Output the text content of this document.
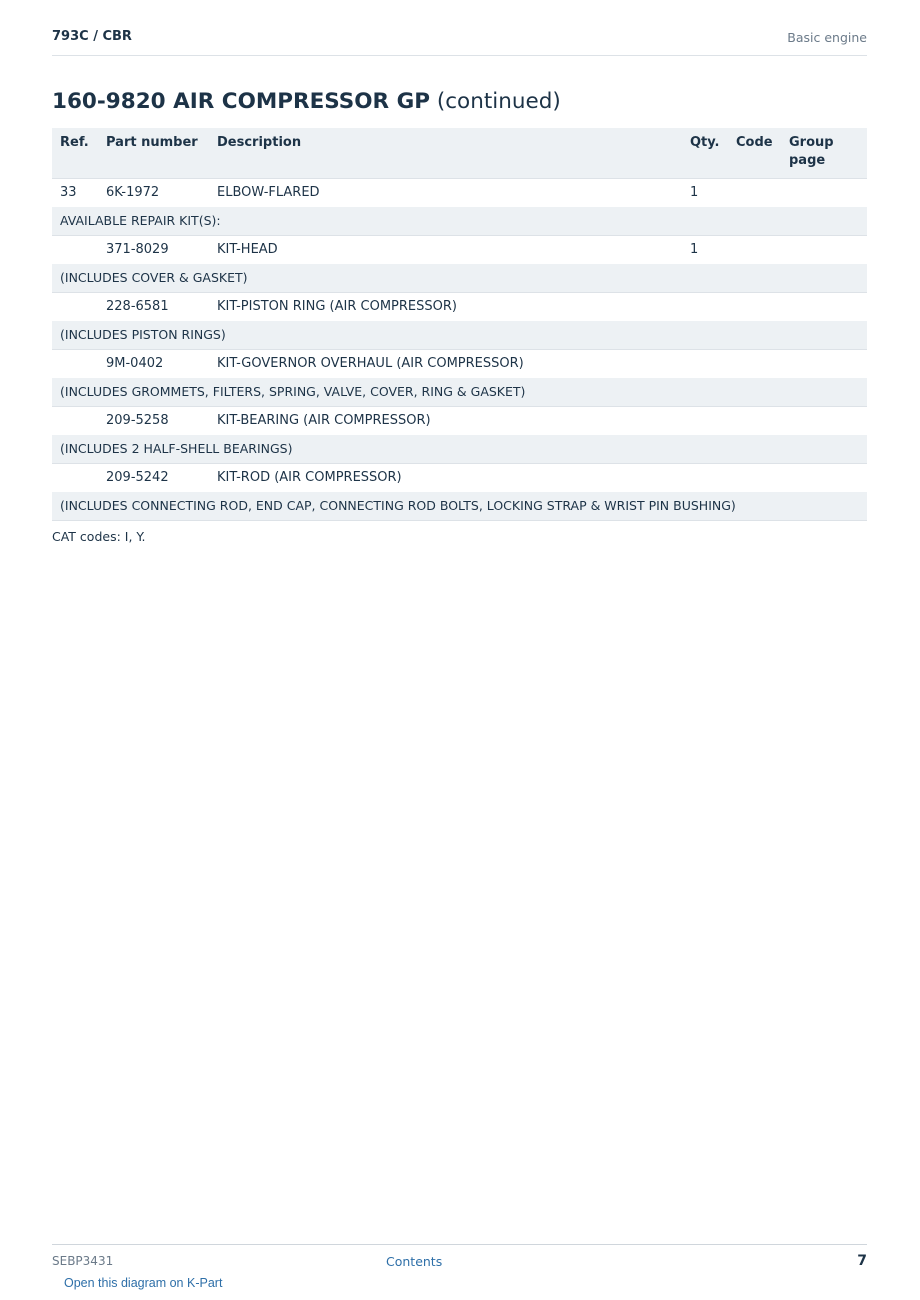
793C / CBR	Basic engine
160-9820 AIR COMPRESSOR GP (continued)
Ref.	Part number	Description	Qty.	Code	Group page
33	6K-1972	ELBOW-FLARED	1		
AVAILABLE REPAIR KIT(S):					
	371-8029	KIT-HEAD	1		
(INCLUDES COVER & GASKET)					
	228-6581	KIT-PISTON RING (AIR COMPRESSOR)			
(INCLUDES PISTON RINGS)					
	9M-0402	KIT-GOVERNOR OVERHAUL (AIR COMPRESSOR)			
(INCLUDES GROMMETS, FILTERS, SPRING, VALVE, COVER, RING & GASKET)					
	209-5258	KIT-BEARING (AIR COMPRESSOR)			
(INCLUDES 2 HALF-SHELL BEARINGS)					
	209-5242	KIT-ROD (AIR COMPRESSOR)			
(INCLUDES CONNECTING ROD, END CAP, CONNECTING ROD BOLTS, LOCKING STRAP & WRIST PIN BUSHING)					
CAT codes: I, Y.
SEBP3431	Contents	7
Open this diagram on K-Part
